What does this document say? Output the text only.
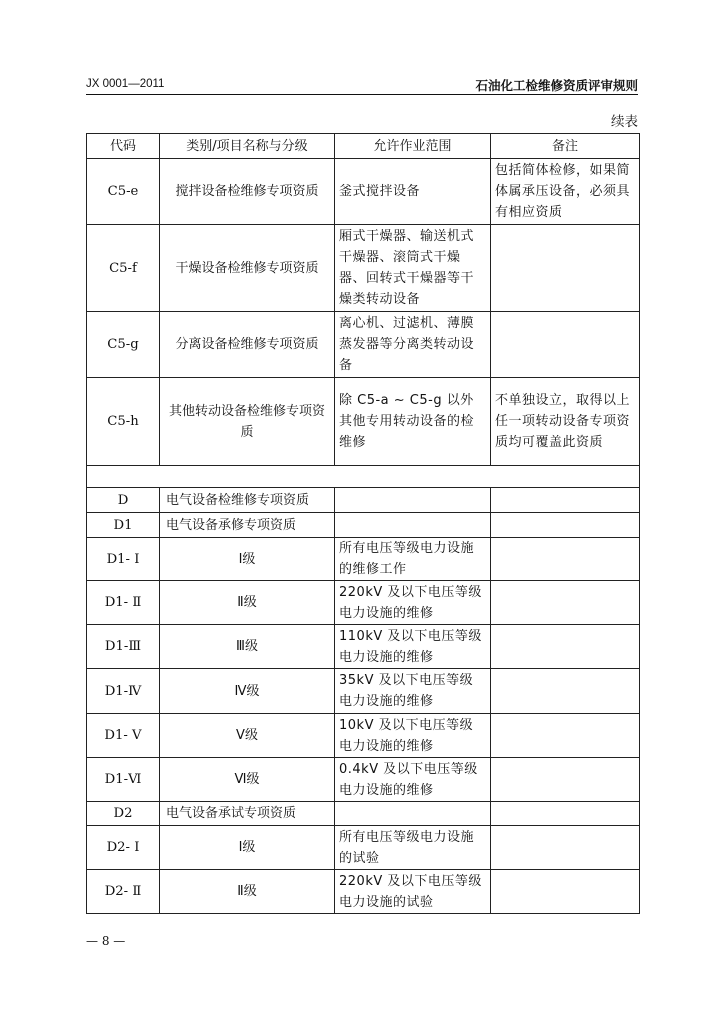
JX 0001—2011	石油化工检维修资质评审规则
续表
代码	类别/项目名称与分级	允许作业范围	备注
C5-e	搅拌设备检维修专项资质	釜式搅拌设备	包括简体检修，如果简体属承压设备，必须具有相应资质
C5-f	干燥设备检维修专项资质	厢式干燥器、输送机式干燥器、滚筒式干燥器、回转式干燥器等干燥类转动设备	
C5-g	分离设备检维修专项资质	离心机、过滤机、薄膜蒸发器等分离类转动设备	
C5-h	其他转动设备检维修专项资质	除 C5-a ~ C5-g 以外其他专用转动设备的检维修	不单独设立，取得以上任一项转动设备专项资质均可覆盖此资质

D	电气设备检维修专项资质		
D1	电气设备承修专项资质		
D1- Ⅰ	Ⅰ级	所有电压等级电力设施的维修工作	
D1- Ⅱ	Ⅱ级	220kV 及以下电压等级电力设施的维修	
D1-Ⅲ	Ⅲ级	110kV 及以下电压等级电力设施的维修	
D1-Ⅳ	Ⅳ级	35kV 及以下电压等级电力设施的维修	
D1- Ⅴ	Ⅴ级	10kV 及以下电压等级电力设施的维修	
D1-Ⅵ	Ⅵ级	0.4kV 及以下电压等级电力设施的维修	
D2	电气设备承试专项资质		
D2- Ⅰ	Ⅰ级	所有电压等级电力设施的试验	
D2- Ⅱ	Ⅱ级	220kV 及以下电压等级电力设施的试验	
— 8 —
